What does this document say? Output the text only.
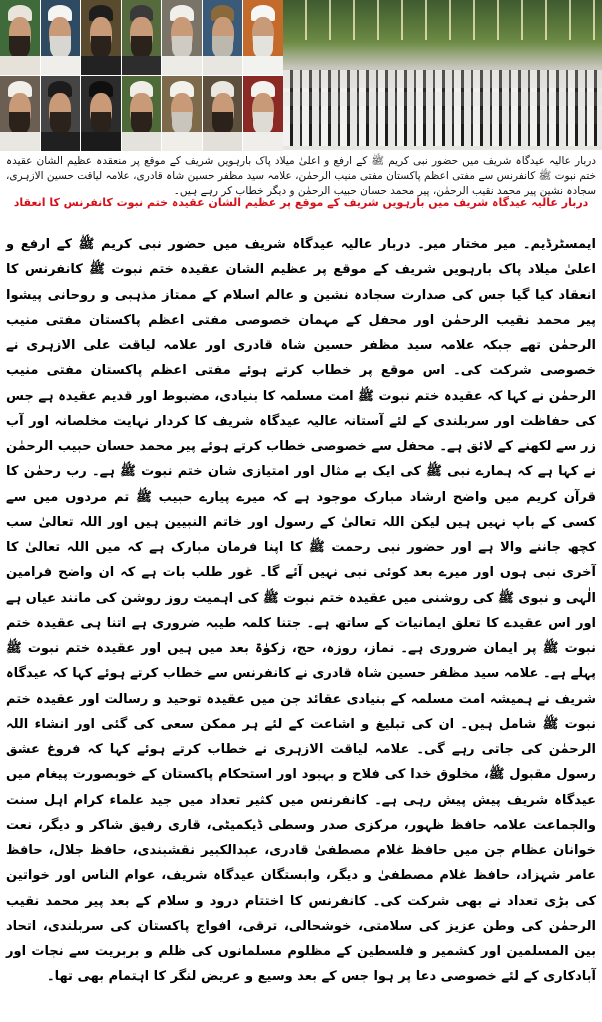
دربار عالیہ عیدگاہ شریف میں حضور نبی کریم ﷺ کے ارفع و اعلیٰ میلاد پاک بارہویں شریف کے موقع پر منعقدہ عظیم الشان عقیدہ ختم نبوت ﷺ کانفرنس سے مفتی اعظم پاکستان مفتی منیب الرحمٰن، علامہ سید مظفر حسین شاہ قادری، علامہ لیاقت حسین الازہری، سجادہ نشین پیر محمد نقیب الرحمٰن، پیر محمد حسان حبیب الرحمٰن و دیگر خطاب کر رہے ہیں۔
دربار عالیہ عیدگاہ شریف میں بارہویں شریف کے موقع پر عظیم الشان عقیدہ ختم نبوت کانفرنس کا انعقاد

ایمسٹرڈیم۔ میر مختار میر۔ دربار عالیہ عیدگاہ شریف میں حضور نبی کریم ﷺ کے ارفع و اعلیٰ میلاد پاک بارہویں شریف کے موقع پر عظیم الشان عقیدہ ختم نبوت ﷺ کانفرنس کا انعقاد کیا گیا جس کی صدارت سجادہ نشین و عالم اسلام کے ممتاز مذہبی و روحانی پیشوا پیر محمد نقیب الرحمٰن اور محفل کے مہمان خصوصی مفتی اعظم پاکستان مفتی منیب الرحمٰن تھے جبکہ علامہ سید مظفر حسین شاہ قادری اور علامہ لیاقت علی الازہری نے خصوصی شرکت کی۔ اس موقع پر خطاب کرتے ہوئے مفتی اعظم پاکستان مفتی منیب الرحمٰن نے کہا کہ عقیدہ ختم نبوت ﷺ امت مسلمہ کا بنیادی، مضبوط اور قدیم عقیدہ ہے جس کی حفاظت اور سربلندی کے لئے آستانہ عالیہ عیدگاہ شریف کا کردار نہایت مخلصانہ اور آب زر سے لکھنے کے لائق ہے۔ محفل سے خصوصی خطاب کرتے ہوئے پیر محمد حسان حبیب الرحمٰن نے کہا ہے کہ ہمارے نبی ﷺ کی ایک بے مثال اور امتیازی شان ختم نبوت ﷺ ہے۔ رب رحمٰن کا قرآن کریم میں واضح ارشاد مبارک موجود ہے کہ میرے پیارے حبیب ﷺ تم مردوں میں سے کسی کے باپ نہیں ہیں لیکن اللہ تعالیٰ کے رسول اور خاتم النبیین ہیں اور اللہ تعالیٰ سب کچھ جاننے والا ہے اور حضور نبی رحمت ﷺ کا اپنا فرمان مبارک ہے کہ میں اللہ تعالیٰ کا آخری نبی ہوں اور میرے بعد کوئی نبی نہیں آئے گا۔ غور طلب بات ہے کہ ان واضح فرامین الٰہی و نبوی ﷺ کی روشنی میں عقیدہ ختم نبوت ﷺ کی اہمیت روز روشن کی مانند عیاں ہے اور اس عقیدے کا تعلق ایمانیات کے ساتھ ہے۔ جتنا کلمہ طیبہ ضروری ہے اتنا ہی عقیدہ ختم نبوت ﷺ پر ایمان ضروری ہے۔ نماز، روزہ، حج، زکوٰۃ بعد میں ہیں اور عقیدہ ختم نبوت ﷺ پہلے ہے۔ علامہ سید مظفر حسین شاہ قادری نے کانفرنس سے خطاب کرتے ہوئے کہا کہ عیدگاہ شریف نے ہمیشہ امت مسلمہ کے بنیادی عقائد جن میں عقیدہ توحید و رسالت اور عقیدہ ختم نبوت ﷺ شامل ہیں۔ ان کی تبلیغ و اشاعت کے لئے ہر ممکن سعی کی گئی اور انشاء اللہ الرحمٰن کی جاتی رہے گی۔ علامہ لیاقت الازہری نے خطاب کرتے ہوئے کہا کہ فروغ عشق رسول مقبول ﷺ، مخلوق خدا کی فلاح و بہبود اور استحکام پاکستان کے خوبصورت پیغام میں عیدگاہ شریف پیش پیش رہی ہے۔ کانفرنس میں کثیر تعداد میں جید علماء کرام اہل سنت والجماعت علامہ حافظ ظہور، مرکزی صدر وسطی ڈیکمیٹی، قاری رفیق شاکر و دیگر، نعت خوانان عظام جن میں حافظ غلام مصطفیٰ قادری، عبدالکبیر نقشبندی، حافظ جلال، حافظ عامر شہزاد، حافظ غلام مصطفیٰ و دیگر، وابستگان عیدگاہ شریف، عوام الناس اور خواتین کی بڑی تعداد نے بھی شرکت کی۔ کانفرنس کا اختتام درود و سلام کے بعد پیر محمد نقیب الرحمٰن کی وطن عزیز کی سلامتی، خوشحالی، ترقی، افواج پاکستان کی سربلندی، اتحاد بین المسلمین اور کشمیر و فلسطین کے مظلوم مسلمانوں کی ظلم و بربریت سے نجات اور آبادکاری کے لئے خصوصی دعا پر ہوا جس کے بعد وسیع و عریض لنگر کا اہتمام بھی تھا۔
